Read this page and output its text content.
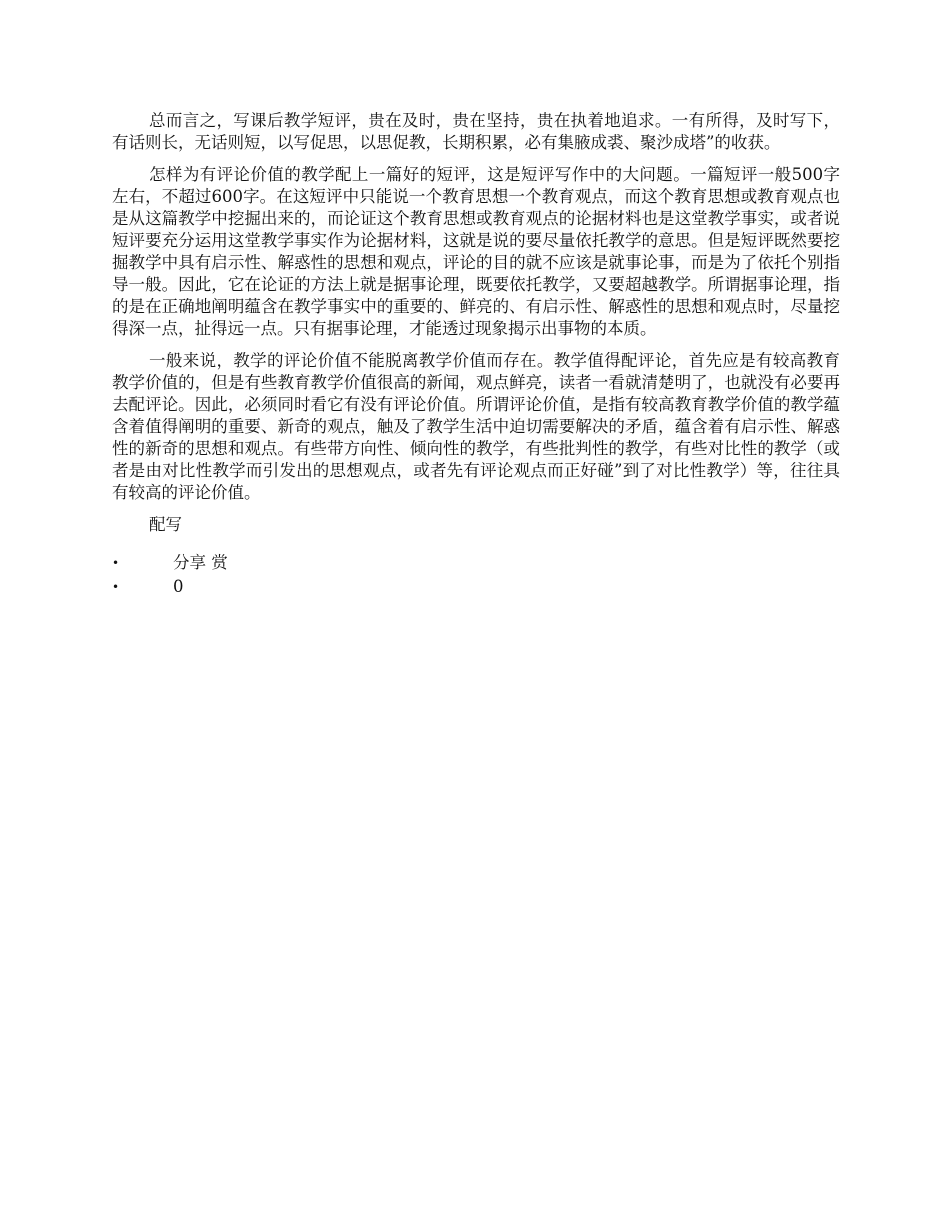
总而言之，写课后教学短评，贵在及时，贵在坚持，贵在执着地追求。一有所得，及时写下，有话则长，无话则短，以写促思，以思促教，长期积累，必有集腋成裘、聚沙成塔”的收获。

怎样为有评论价值的教学配上一篇好的短评，这是短评写作中的大问题。一篇短评一般500字左右，不超过600字。在这短评中只能说一个教育思想一个教育观点，而这个教育思想或教育观点也是从这篇教学中挖掘出来的，而论证这个教育思想或教育观点的论据材料也是这堂教学事实，或者说短评要充分运用这堂教学事实作为论据材料，这就是说的要尽量依托教学的意思。但是短评既然要挖掘教学中具有启示性、解惑性的思想和观点，评论的目的就不应该是就事论事，而是为了依托个别指导一般。因此，它在论证的方法上就是据事论理，既要依托教学，又要超越教学。所谓据事论理，指的是在正确地阐明蕴含在教学事实中的重要的、鲜亮的、有启示性、解惑性的思想和观点时，尽量挖得深一点，扯得远一点。只有据事论理，才能透过现象揭示出事物的本质。

一般来说，教学的评论价值不能脱离教学价值而存在。教学值得配评论，首先应是有较高教育教学价值的，但是有些教育教学价值很高的新闻，观点鲜亮，读者一看就清楚明了，也就没有必要再去配评论。因此，必须同时看它有没有评论价值。所谓评论价值，是指有较高教育教学价值的教学蕴含着值得阐明的重要、新奇的观点，触及了教学生活中迫切需要解决的矛盾，蕴含着有启示性、解惑性的新奇的思想和观点。有些带方向性、倾向性的教学，有些批判性的教学，有些对比性的教学（或者是由对比性教学而引发出的思想观点，或者先有评论观点而正好碰”到了对比性教学）等，往往具有较高的评论价值。

配写

•	分享 赏
•	0
